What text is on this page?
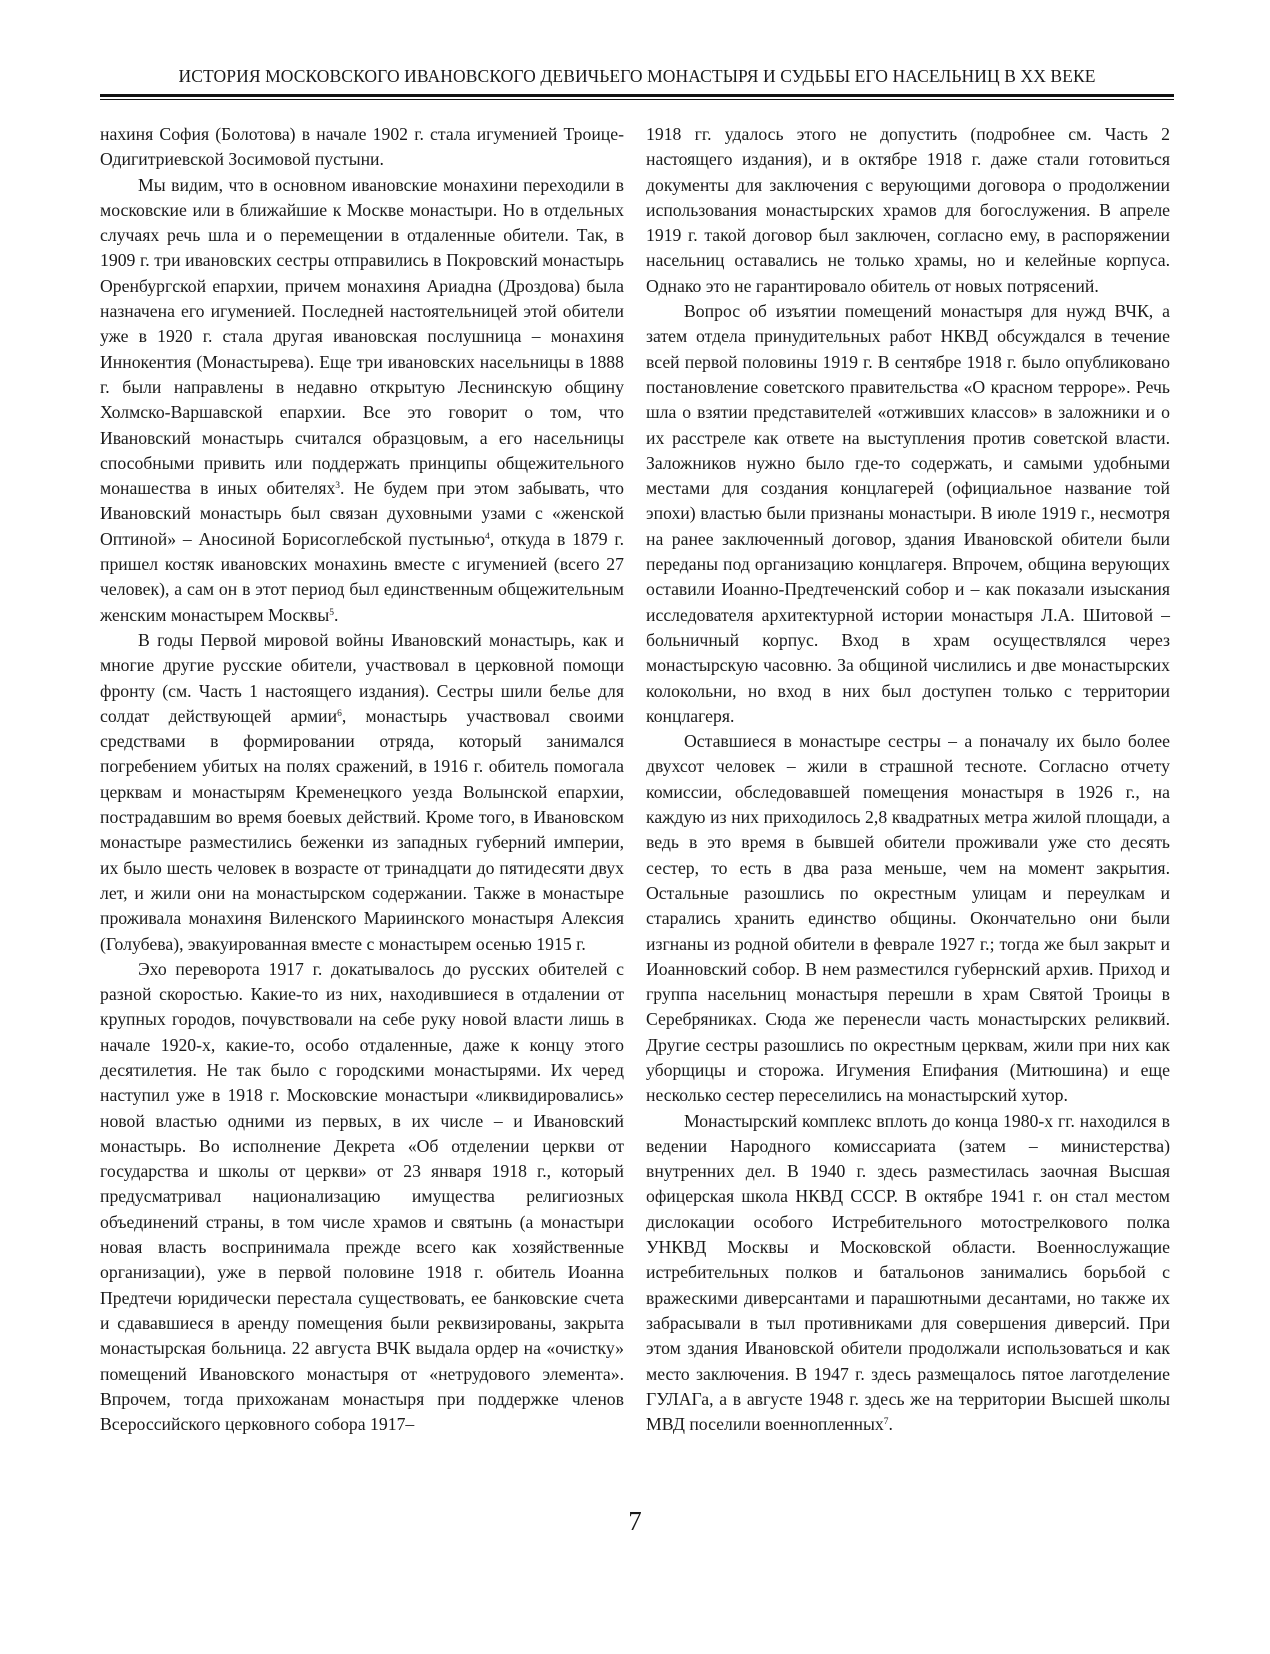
ИСТОРИЯ МОСКОВСКОГО ИВАНОВСКОГО ДЕВИЧЬЕГО МОНАСТЫРЯ И СУДЬБЫ ЕГО НАСЕЛЬНИЦ В ХХ ВЕКЕ

нахиня София (Болотова) в начале 1902 г. стала игуменией Троице-Одигитриевской Зосимовой пустыни.

Мы видим, что в основном ивановские монахини переходили в московские или в ближайшие к Москве монастыри. Но в отдельных случаях речь шла и о перемещении в отдаленные обители. Так, в 1909 г. три ивановских сестры отправились в Покровский монастырь Оренбургской епархии, причем монахиня Ариадна (Дроздова) была назначена его игуменией. Последней настоятельницей этой обители уже в 1920 г. стала другая ивановская послушница – монахиня Иннокентия (Монастырева). Еще три ивановских насельницы в 1888 г. были направлены в недавно открытую Леснинскую общину Холмско-Варшавской епархии. Все это говорит о том, что Ивановский монастырь считался образцовым, а его насельницы способными привить или поддержать принципы общежительного монашества в иных обителях$^3$. Не будем при этом забывать, что Ивановский монастырь был связан духовными узами с «женской Оптиной» – Аносиной Борисоглебской пустынью$^4$, откуда в 1879 г. пришел костяк ивановских монахинь вместе с игуменией (всего 27 человек), а сам он в этот период был единственным общежительным женским монастырем Москвы$^5$.

В годы Первой мировой войны Ивановский монастырь, как и многие другие русские обители, участвовал в церковной помощи фронту (см. Часть 1 настоящего издания). Сестры шили белье для солдат действующей армии$^6$, монастырь участвовал своими средствами в формировании отряда, который занимался погребением убитых на полях сражений, в 1916 г. обитель помогала церквам и монастырям Кременецкого уезда Волынской епархии, пострадавшим во время боевых действий. Кроме того, в Ивановском монастыре разместились беженки из западных губерний империи, их было шесть человек в возрасте от тринадцати до пятидесяти двух лет, и жили они на монастырском содержании. Также в монастыре проживала монахиня Виленского Мариинского монастыря Алексия (Голубева), эвакуированная вместе с монастырем осенью 1915 г.

Эхо переворота 1917 г. докатывалось до русских обителей с разной скоростью. Какие-то из них, находившиеся в отдалении от крупных городов, почувствовали на себе руку новой власти лишь в начале 1920-х, какие-то, особо отдаленные, даже к концу этого десятилетия. Не так было с городскими монастырями. Их черед наступил уже в 1918 г. Московские монастыри «ликвидировались» новой властью одними из первых, в их числе – и Ивановский монастырь. Во исполнение Декрета «Об отделении церкви от государства и школы от церкви» от 23 января 1918 г., который предусматривал национализацию имущества религиозных объединений страны, в том числе храмов и святынь (а монастыри новая власть воспринимала прежде всего как хозяйственные организации), уже в первой половине 1918 г. обитель Иоанна Предтечи юридически перестала существовать, ее банковские счета и сдававшиеся в аренду помещения были реквизированы, закрыта монастырская больница. 22 августа ВЧК выдала ордер на «очистку» помещений Ивановского монастыря от «нетрудового элемента». Впрочем, тогда прихожанам монастыря при поддержке членов Всероссийского церковного собора 1917–

1918 гг. удалось этого не допустить (подробнее см. Часть 2 настоящего издания), и в октябре 1918 г. даже стали готовиться документы для заключения с верующими договора о продолжении использования монастырских храмов для богослужения. В апреле 1919 г. такой договор был заключен, согласно ему, в распоряжении насельниц оставались не только храмы, но и келейные корпуса. Однако это не гарантировало обитель от новых потрясений.

Вопрос об изъятии помещений монастыря для нужд ВЧК, а затем отдела принудительных работ НКВД обсуждался в течение всей первой половины 1919 г. В сентябре 1918 г. было опубликовано постановление советского правительства «О красном терроре». Речь шла о взятии представителей «отживших классов» в заложники и о их расстреле как ответе на выступления против советской власти. Заложников нужно было где-то содержать, и самыми удобными местами для создания концлагерей (официальное название той эпохи) властью были признаны монастыри. В июле 1919 г., несмотря на ранее заключенный договор, здания Ивановской обители были переданы под организацию концлагеря. Впрочем, община верующих оставили Иоанно-Предтеченский собор и – как показали изыскания исследователя архитектурной истории монастыря Л.А. Шитовой – больничный корпус. Вход в храм осуществлялся через монастырскую часовню. За общиной числились и две монастырских колокольни, но вход в них был доступен только с территории концлагеря.

Оставшиеся в монастыре сестры – а поначалу их было более двухсот человек – жили в страшной тесноте. Согласно отчету комиссии, обследовавшей помещения монастыря в 1926 г., на каждую из них приходилось 2,8 квадратных метра жилой площади, а ведь в это время в бывшей обители проживали уже сто десять сестер, то есть в два раза меньше, чем на момент закрытия. Остальные разошлись по окрестным улицам и переулкам и старались хранить единство общины. Окончательно они были изгнаны из родной обители в феврале 1927 г.; тогда же был закрыт и Иоанновский собор. В нем разместился губернский архив. Приход и группа насельниц монастыря перешли в храм Святой Троицы в Серебряниках. Сюда же перенесли часть монастырских реликвий. Другие сестры разошлись по окрестным церквам, жили при них как уборщицы и сторожа. Игумения Епифания (Митюшина) и еще несколько сестер переселились на монастырский хутор.

Монастырский комплекс вплоть до конца 1980-х гг. находился в ведении Народного комиссариата (затем – министерства) внутренних дел. В 1940 г. здесь разместилась заочная Высшая офицерская школа НКВД СССР. В октябре 1941 г. он стал местом дислокации особого Истребительного мотострелкового полка УНКВД Москвы и Московской области. Военнослужащие истребительных полков и батальонов занимались борьбой с вражескими диверсантами и парашютными десантами, но также их забрасывали в тыл противниками для совершения диверсий. При этом здания Ивановской обители продолжали использоваться и как место заключения. В 1947 г. здесь размещалось пятое лаготделение ГУЛАГа, а в августе 1948 г. здесь же на территории Высшей школы МВД поселили военнопленных$^7$.

7
